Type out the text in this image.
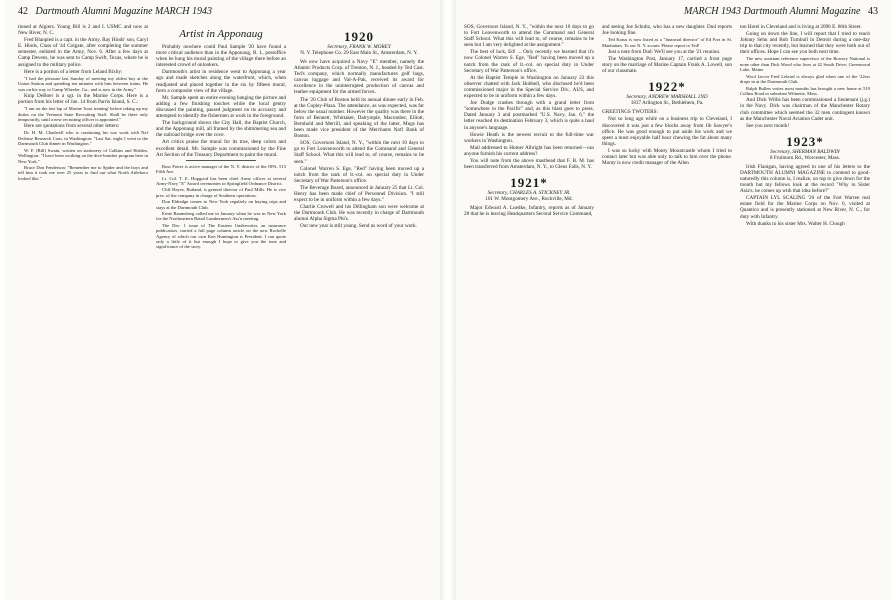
42 Dartmouth Alumni Magazine MARCH 1943

tioned at Algiers. Young Bill is 2 and I. USMC and now at New River, N. C.

Fred Blanpied is a capt. in the Army. Ray Hinds' son, Caryl E. Hinds, Class of '44 Colgate, after completing the summer semester, enlisted in the Army, Nov. 6. After a few days at Camp Devens, he was sent to Camp Swift, Texas, where he is assigned to the military police.

Here is a portion of a letter from Leland Bixby:

"I had the pleasure last Sunday of meeting my oldest boy at the Union Station and spending ten minutes with him between trains. He was on his way to Camp Wheeler, Ga., and is now in the Army."

Knip DeBoer is a sgt. in the Marine Corps. Here is a portion from his letter of Jan. 14 from Parris Island, S. C.:

"I am on the last lap of Marine 'boot training' before taking up my duties on the Vermont State Recruiting Staff. Shall be there only temporarily, until a new recruiting officer is appointed."

Here are quotations from several other letters:

Dr. H. M. Chadwell who is continuing his war work with Naf Defense Research Com. in Washington: "Last Sat. night I went to the Dartmouth Club dinner in Washington."

W. F. (Bill) Swain, written on stationery of Calkins and Holden, Wellington: "I have been working on the dive-bomber program here in New York."

Bruce Don Fenderson: "Remember me to Spider and the boys and tell him it took me over 25 years to find out what North Attleboro looked like."

Artist in Apponaug

Probably nowhere could Paul Sample '20 have found a more critical audience than in the Apponaug, R. I., postoffice when he hung his mural painting of the village there before an interested crowd of onlookers.

Dartmouth's artist in residence went to Apponaug a year ago and made sketches along the waterfront, which, when readjusted and placed together in the six by fifteen mural, form a composite view of the village.

Mr. Sample spent an entire evening hanging the picture and adding a few finishing touches while the local gentry discussed the painting, passed judgment on its accuracy and attempted to identify the fishermen at work in the foreground.

The background shows the City Hall, the Baptist Church, and the Apponaug mill, all framed by the shimmering sea and the railroad bridge over the cove.

Art critics praise the mural for its true, deep colors and excellent detail. Mr. Sample was commissioned by the Fine Art Section of the Treasury Department to paint the mural.

Russ Potter is active manager of the N. Y. district of the OPA, 515 Fifth Ave.

Lt. Col. T. E. Hopgood has been chief Army officer at several Army-Navy "E" Award ceremonies in Springfield Ordnance District.

Cliff Hayes, Rutland, is general director of Paul Mills. He is vice pres. of the company in charge of Southern operations.

Don Eldredge comes to New York regularly on buying trips and stays at the Dartmouth Club.

Ernie Raumsberg called me in January when he was in New York for the Northeastern Retail Lumbermen's Ass'n meeting.

The Dec. 1 issue of The Eastern Underwriter, an insurance publication, carried a full page column article on the new Rochelle Agency of which our own Ken Huntington is President. I can quote only a little of it but enough I hope to give you the tone and significance of the story.

1920
Secretary, FRANK W. MOREY
N. Y. Telephone Co. 29 East Main St., Amsterdam, N. Y.

We now have acquired a Navy "E" member, namely the Atlantic Products Corp. of Trenton, N. J., headed by Ted Cast. Ted's company, which normally manufactures golf bags, canvas luggage and Val-A-Pak, received its award for excellence in the uninterrupted production of canvas and leather equipment for the armed forces.

The '20 Club of Boston held its annual dinner early in Feb. at the Copley-Plaza. The attendance, as was expected, was far below the usual number. However the quality was there in the form of Bennett, Whittaker, Dalrymple, Macomber, Elliott, Bernhold and Merrill, and speaking of the latter, Mugs has been made vice president of the Merchants Nat'l Bank of Boston.

SOS, Governors Island, N. Y., "within the next 10 days to go to Fort Leavenworth to attend the Command and General Staff School. What this will lead to, of course, remains to be seen."

Colonel Warren S. Ege, "Red" having been moved up a notch from the rank of lt.-col. on special duty in Under Secretary of War Patterson's office.

The Beverage Board, announced in January 25 that Lt. Col. Henry has been made chief of Personnel Division. "I still expect to be in uniform within a few days."

Charlie Crowell and his Dillingham son were welcome at the Dartmouth Club. He was recently in charge of Dartmouth alumni Alpha Sigma Phi's.

Our new year is still young. Send us word of your work.

MARCH 1943 Dartmouth Alumni Magazine 43

SOS, Governors Island, N. Y., "within the next 10 days to go to Fort Leavenworth to attend the Command and General Staff School. What this will lead to, of course, remains to be seen but I am very delighted at the assignment."

The best of luck, Ed! ... Only recently we learned that it's now Colonel Warren S. Ege, "Red" having been moved up a notch from the rank of lt.-col. on special duty in Under Secretary of War Patterson's office.

At the Baptist Temple in Washington on January 23 this observer chatted with Jack Hubbell, who disclosed he'd been commissioned major in the Special Service Div., AUS, and expected to be in uniform within a few days.

Joe Dudge crashes through with a grand letter from "somewhere in the Pacific" and, as this blast goes to press. Dated January 3 and postmarked "U.S. Navy, Jan. 6," the letter reached its destination February 3, which is quite a haul in anyone's language.

Howie Heath is the newest recruit to the full-time war workers in Washington.

Mail addressed to Homer Albright has been returned—can anyone furnish his current address?

You will note from the above masthead that F. B. M. has been transferred from Amsterdam, N. Y., to Glens Falls, N. Y.

1921*
Secretary, CHARLES A. STICKNEY JR.
101 W. Montgomery Ave., Rockville, Md.

Major Edward A. Luedke, Infantry, reports as of January 28 that he is leaving Headquarters Second Service Command,

and seeing Joe Schultz, who has a new daughter. Dud reports Joe looking fine.

Ted Kraus is now listed as a "financial director" of Ed Fort in St. Manhattan. To our N. Y. scouts: Please report to Ted!

Just a note from Dud: We'll see you at the '21 reunion.

The Washington Post, January 17, carried a front page story on the marriage of Marine Captain Frank A. Lowell, son of our classmate.

1922*
Secretary, ANDREW MARSHALL 2ND
1837 Arlington St., Bethlehem, Pa.

GREETINGS TWOTERS:

Not so long ago while on a business trip to Cleveland, I discovered it was just a few blocks away from Jib Sawyer's office. He was good enough to put aside his work and we spent a most enjoyable half hour chewing the fat about many things.

I was so lucky with Monty Mountcastle whom I tried to contact later but was able only to talk to him over the phone. Monty is now credit manager of the Allen

ton Hotel in Cleveland and is living at 2096 E. 86th Street.

Going on down the line, I will report that I tried to reach Johnny Sehn and Bob Turnbull in Detroit during a one-day trip to that city recently, but learned that they were both out of their offices. Hope I can see you both next time.

The new assistant reference supervisor of the Bowery National is none other than Dick Wood who lives at 42 South Drive, Greenwood Lake, Maine.

Woof Iaccer Fred Lelaird is always glad when one of the '22ers drops in at the Dartmouth Club.

Ralph Bullen writes most months has brought a new home at 519 Collins Road in suburban Wilmette, Mass.

And Dick Willis has been commissioned a lieutenant (j.g.) in the Navy. Dick was chairman of the Manchester Rotary club committee which seemed the 32 men contingent known as the Manchester Naval Aviation Cadet unit.

See you next month!

1923*
Secretary, SHERMAN BALDWIN
8 Fruitnorn Rd., Worcester, Mass.

Irish Flanigan, having agreed in one of his letters to the DARTMOUTH ALUMNI MAGAZINE to contend to good-naturedly this column is, I realize, on top to give down for the month but my fellows look at the record "Why in Sister Asia's. he comes up with that idea before?"

CAPTAIN LYL SCALING '20 of the Fort Warren real estate field for the Marine Corps on Nov. 6, visited at Quantico and is presently stationed at New River, N. C., for duty with Infantry.

With thanks to his sister Mrs. Walter H. Clough
